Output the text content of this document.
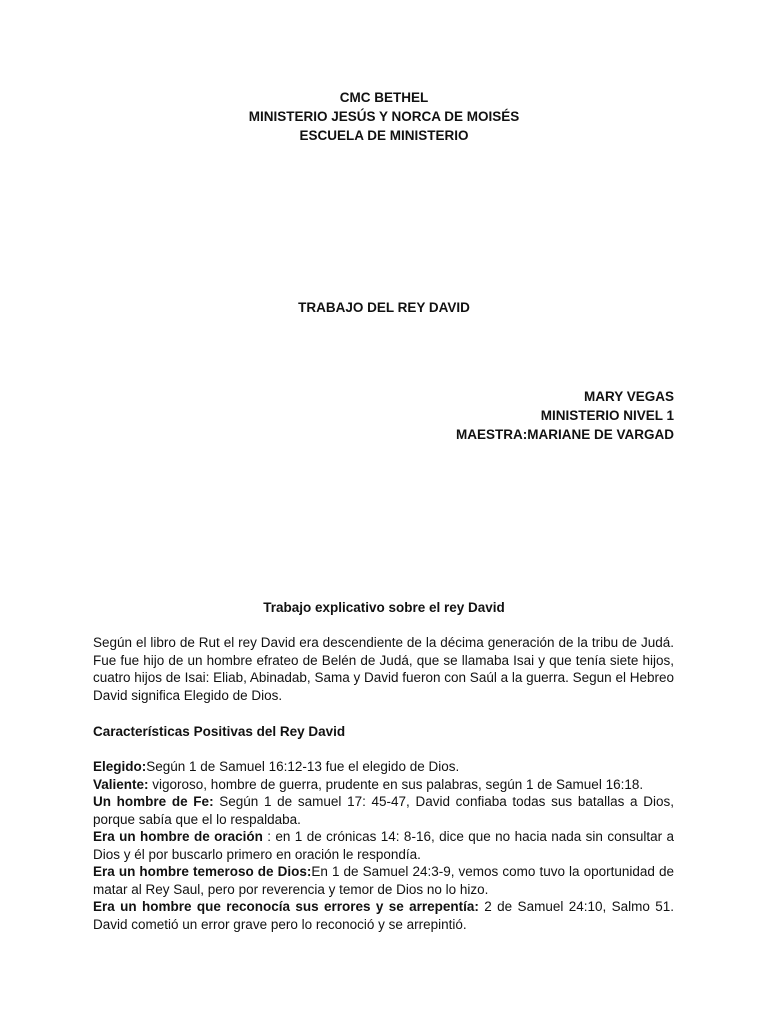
CMC BETHEL
MINISTERIO JESÚS Y NORCA DE MOISÉS
ESCUELA DE MINISTERIO
TRABAJO DEL REY DAVID
MARY VEGAS
MINISTERIO NIVEL 1
MAESTRA:MARIANE DE VARGAD
Trabajo explicativo sobre el rey David
Según el libro de Rut el rey David era descendiente de la décima generación de la tribu de Judá. Fue fue hijo de un hombre efrateo de Belén de Judá, que se llamaba Isai y que tenía siete hijos, cuatro hijos de Isai: Eliab, Abinadab, Sama y David fueron con Saúl a la guerra. Segun el Hebreo David significa Elegido de Dios.
Características Positivas del Rey David

Elegido:Según 1 de Samuel 16:12-13 fue el elegido de Dios.

Valiente: vigoroso, hombre de guerra, prudente en sus palabras, según 1 de Samuel 16:18.

Un hombre de Fe: Según 1 de samuel 17: 45-47, David confiaba todas sus batallas a Dios, porque sabía que el lo respaldaba.

Era un hombre de oración : en 1 de crónicas 14: 8-16, dice que no hacia nada sin consultar a Dios y él por buscarlo primero en oración le respondía.

Era un hombre temeroso de Dios:En 1 de Samuel 24:3-9, vemos como tuvo la oportunidad de matar al Rey Saul, pero por reverencia y temor de Dios no lo hizo.

Era un hombre que reconocía sus errores y se arrepentía: 2 de Samuel 24:10, Salmo 51. David cometió un error grave pero lo reconoció y se arrepintió.
